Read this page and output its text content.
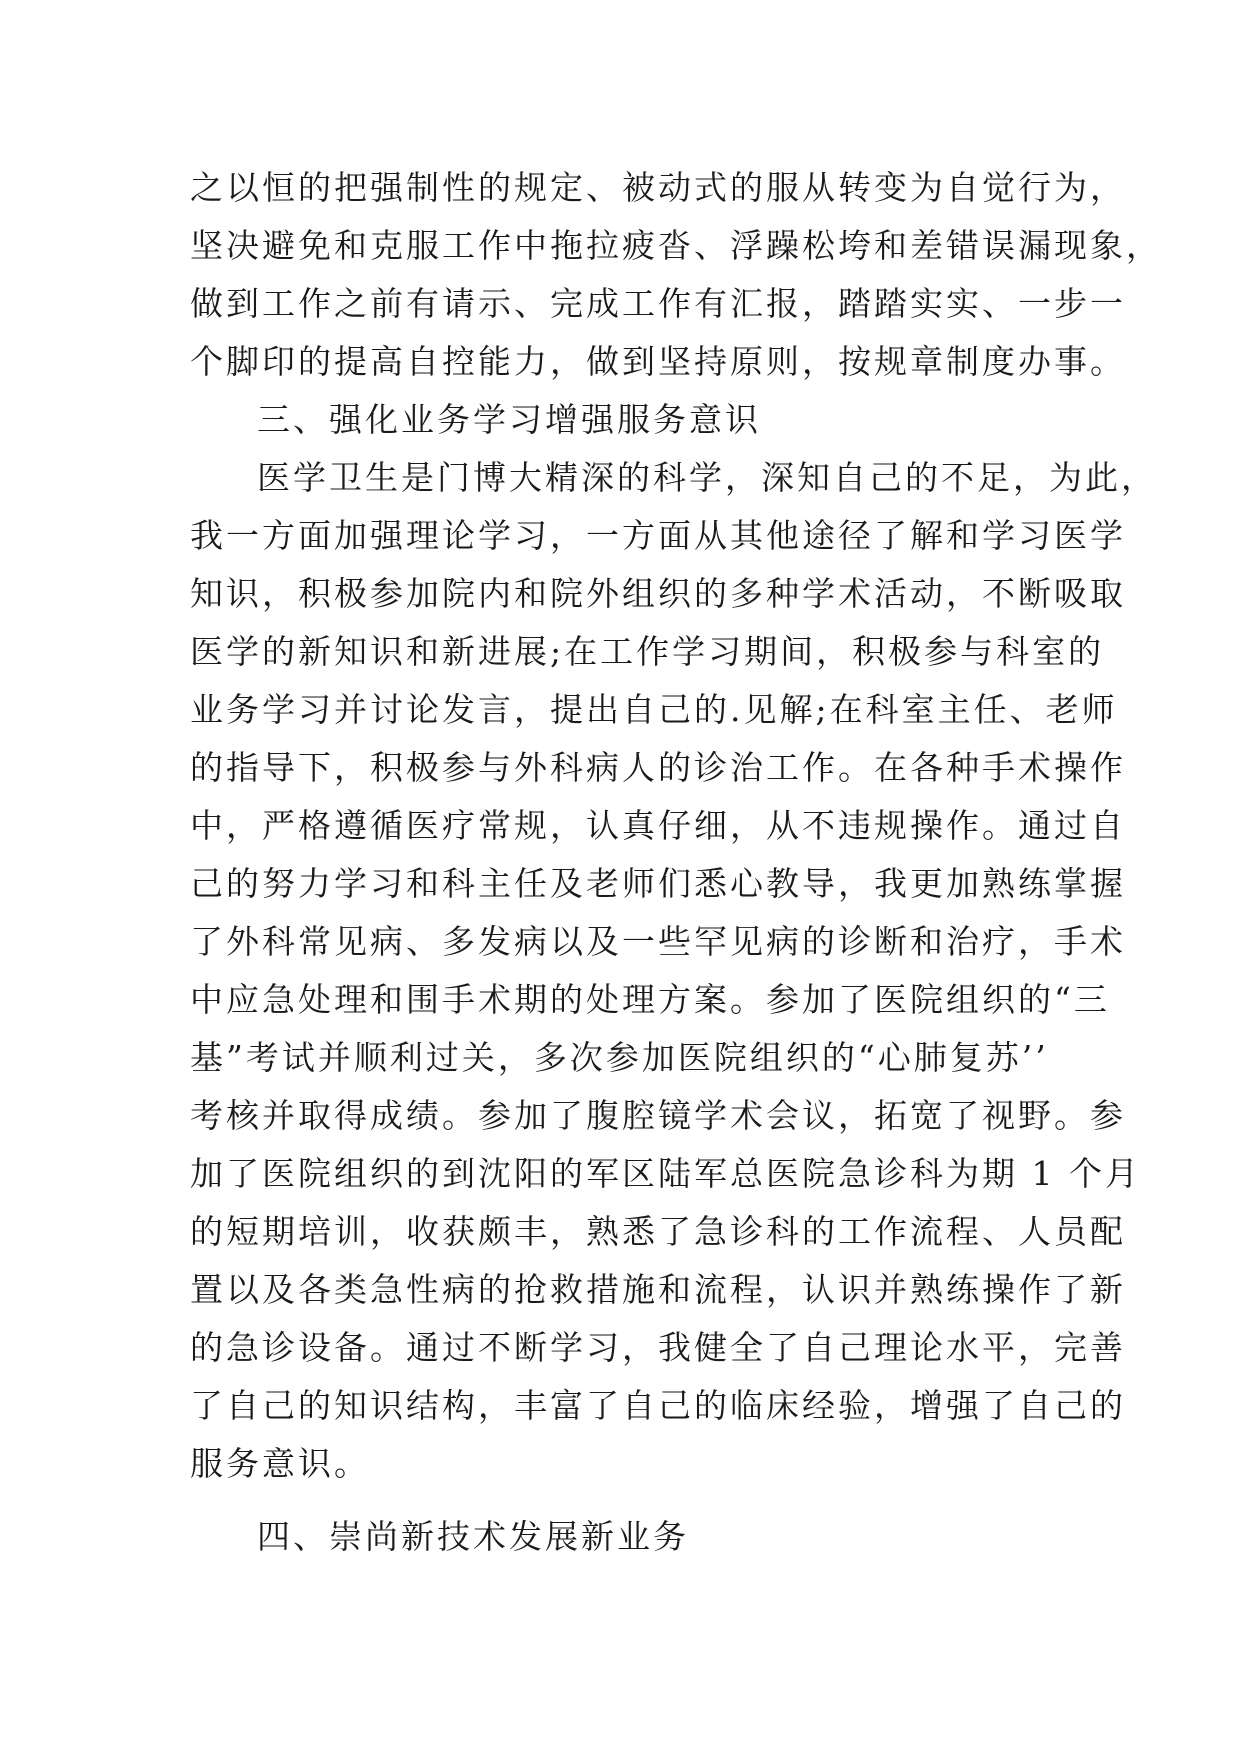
之以恒的把强制性的规定、被动式的服从转变为自觉行为，
坚决避免和克服工作中拖拉疲沓、浮躁松垮和差错误漏现象，
做到工作之前有请示、完成工作有汇报，踏踏实实、一步一
个脚印的提高自控能力，做到坚持原则，按规章制度办事。
三、强化业务学习增强服务意识
医学卫生是门博大精深的科学，深知自己的不足，为此，
我一方面加强理论学习，一方面从其他途径了解和学习医学
知识，积极参加院内和院外组织的多种学术活动，不断吸取
医学的新知识和新进展;在工作学习期间，积极参与科室的
业务学习并讨论发言，提出自己的.见解;在科室主任、老师
的指导下，积极参与外科病人的诊治工作。在各种手术操作
中，严格遵循医疗常规，认真仔细，从不违规操作。通过自
己的努力学习和科主任及老师们悉心教导，我更加熟练掌握
了外科常见病、多发病以及一些罕见病的诊断和治疗，手术
中应急处理和围手术期的处理方案。参加了医院组织的“三
基”考试并顺利过关，多次参加医院组织的“心肺复苏’’
考核并取得成绩。参加了腹腔镜学术会议，拓宽了视野。参
加了医院组织的到沈阳的军区陆军总医院急诊科为期 1 个月
的短期培训，收获颇丰，熟悉了急诊科的工作流程、人员配
置以及各类急性病的抢救措施和流程，认识并熟练操作了新
的急诊设备。通过不断学习，我健全了自己理论水平，完善
了自己的知识结构，丰富了自己的临床经验，增强了自己的
服务意识。
四、崇尚新技术发展新业务
